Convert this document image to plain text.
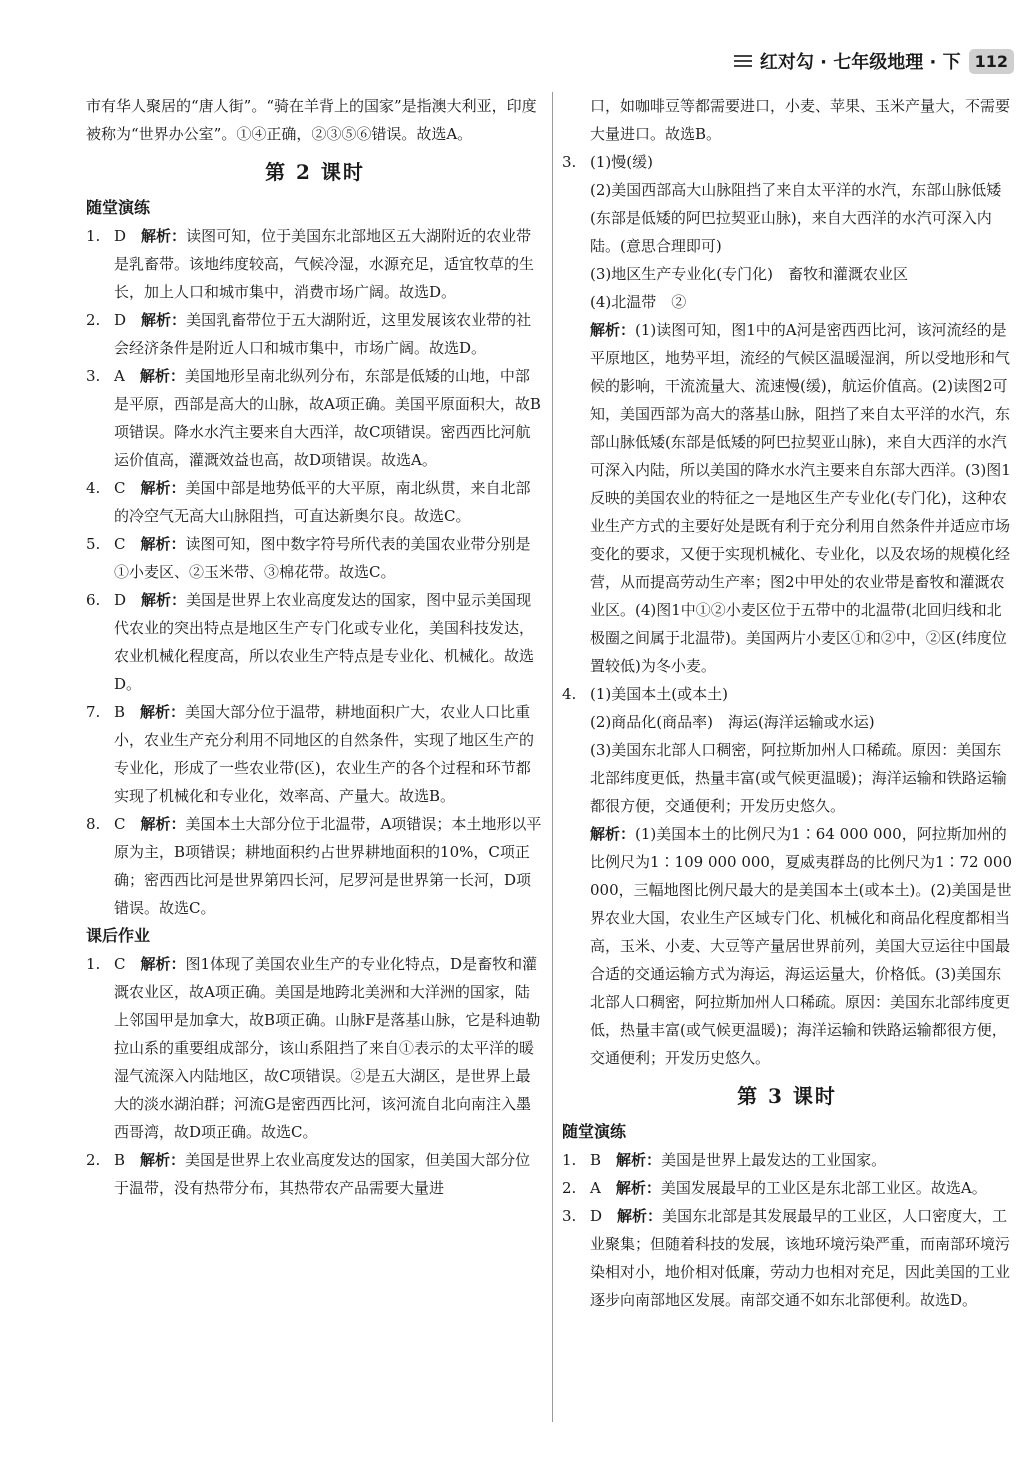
红对勾 · 七年级地理 · 下 112
市有华人聚居的“唐人街”。“骑在羊背上的国家”是指澳大利亚，印度被称为“世界办公室”。①④正确，②③⑤⑥错误。故选A。
第 2 课时
随堂演练
1. D　 解析：读图可知，位于美国东北部地区五大湖附近的农业带是乳畜带。该地纬度较高，气候冷湿，水源充足，适宜牧草的生长，加上人口和城市集中，消费市场广阔。故选D。
2. D　 解析：美国乳畜带位于五大湖附近，这里发展该农业带的社会经济条件是附近人口和城市集中，市场广阔。故选D。
3. A　 解析：美国地形呈南北纵列分布，东部是低矮的山地，中部是平原，西部是高大的山脉，故A项正确。美国平原面积大，故B项错误。降水水汽主要来自大西洋，故C项错误。密西西比河航运价值高，灌溉效益也高，故D项错误。故选A。
4. C　 解析：美国中部是地势低平的大平原，南北纵贯，来自北部的冷空气无高大山脉阻挡，可直达新奥尔良。故选C。
5. C　 解析：读图可知，图中数字符号所代表的美国农业带分别是①小麦区、②玉米带、③棉花带。故选C。
6. D　 解析：美国是世界上农业高度发达的国家，图中显示美国现代农业的突出特点是地区生产专门化或专业化，美国科技发达，农业机械化程度高，所以农业生产特点是专业化、机械化。故选D。
7. B　 解析：美国大部分位于温带，耕地面积广大，农业人口比重小，农业生产充分利用不同地区的自然条件，实现了地区生产的专业化，形成了一些农业带(区)，农业生产的各个过程和环节都实现了机械化和专业化，效率高、产量大。故选B。
8. C　 解析：美国本土大部分位于北温带，A项错误；本土地形以平原为主，B项错误；耕地面积约占世界耕地面积的10%，C项正确；密西西比河是世界第四长河，尼罗河是世界第一长河，D项错误。故选C。
课后作业
1. C　 解析：图1体现了美国农业生产的专业化特点，D是畜牧和灌溉农业区，故A项正确。美国是地跨北美洲和大洋洲的国家，陆上邻国甲是加拿大，故B项正确。山脉F是落基山脉，它是科迪勒拉山系的重要组成部分，该山系阻挡了来自①表示的太平洋的暖湿气流深入内陆地区，故C项错误。②是五大湖区，是世界上最大的淡水湖泊群；河流G是密西西比河，该河流自北向南注入墨西哥湾，故D项正确。故选C。
2. B　 解析：美国是世界上农业高度发达的国家，但美国大部分位于温带，没有热带分布，其热带农产品需要大量进
口，如咖啡豆等都需要进口，小麦、苹果、玉米产量大，不需要大量进口。故选B。
3. (1)慢(缓)
(2)美国西部高大山脉阻挡了来自太平洋的水汽，东部山脉低矮(东部是低矮的阿巴拉契亚山脉)，来自大西洋的水汽可深入内陆。(意思合理即可)
(3)地区生产专业化(专门化)　畜牧和灌溉农业区
(4)北温带　②
解析：(1)读图可知，图1中的A河是密西西比河，该河流经的是平原地区，地势平坦，流经的气候区温暖湿润，所以受地形和气候的影响，干流流量大、流速慢(缓)，航运价值高。(2)读图2可知，美国西部为高大的落基山脉，阻挡了来自太平洋的水汽，东部山脉低矮(东部是低矮的阿巴拉契亚山脉)，来自大西洋的水汽可深入内陆，所以美国的降水水汽主要来自东部大西洋。(3)图1反映的美国农业的特征之一是地区生产专业化(专门化)，这种农业生产方式的主要好处是既有利于充分利用自然条件并适应市场变化的要求，又便于实现机械化、专业化，以及农场的规模化经营，从而提高劳动生产率；图2中甲处的农业带是畜牧和灌溉农业区。(4)图1中①②小麦区位于五带中的北温带(北回归线和北极圈之间属于北温带)。美国两片小麦区①和②中，②区(纬度位置较低)为冬小麦。
4. (1)美国本土(或本土)
(2)商品化(商品率)　海运(海洋运输或水运)
(3)美国东北部人口稠密，阿拉斯加州人口稀疏。原因：美国东北部纬度更低，热量丰富(或气候更温暖)；海洋运输和铁路运输都很方便，交通便利；开发历史悠久。
解析：(1)美国本土的比例尺为1∶64 000 000，阿拉斯加州的比例尺为1∶109 000 000，夏威夷群岛的比例尺为1∶72 000 000，三幅地图比例尺最大的是美国本土(或本土)。(2)美国是世界农业大国，农业生产区域专门化、机械化和商品化程度都相当高，玉米、小麦、大豆等产量居世界前列，美国大豆运往中国最合适的交通运输方式为海运，海运运量大，价格低。(3)美国东北部人口稠密，阿拉斯加州人口稀疏。原因：美国东北部纬度更低，热量丰富(或气候更温暖)；海洋运输和铁路运输都很方便，交通便利；开发历史悠久。
第 3 课时
随堂演练
1. B　 解析：美国是世界上最发达的工业国家。
2. A　 解析：美国发展最早的工业区是东北部工业区。故选A。
3. D　 解析：美国东北部是其发展最早的工业区，人口密度大，工业聚集；但随着科技的发展，该地环境污染严重，而南部环境污染相对小，地价相对低廉，劳动力也相对充足，因此美国的工业逐步向南部地区发展。南部交通不如东北部便利。故选D。
